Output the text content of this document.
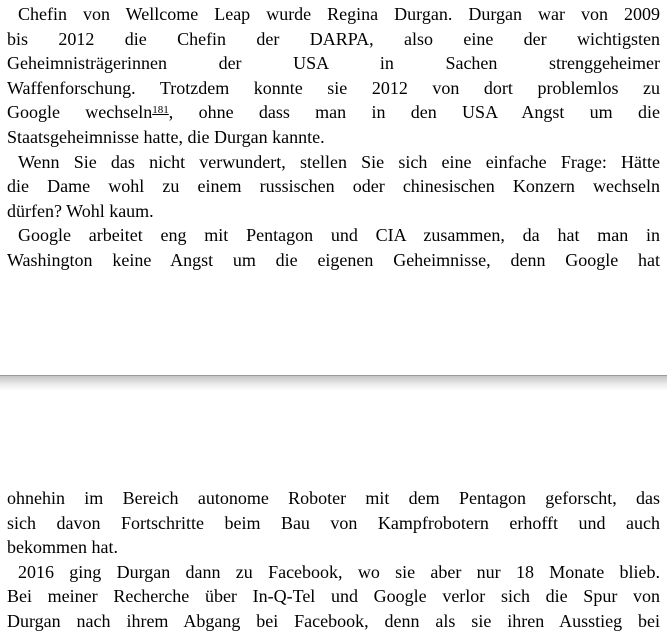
Chefin von Wellcome Leap wurde Regina Durgan. Durgan war von 2009
bis 2012 die Chefin der DARPA, also eine der wichtigsten
Geheimnisträgerinnen der USA in Sachen strenggeheimer
Waffenforschung. Trotzdem konnte sie 2012 von dort problemlos zu
Google wechseln$^{181}$, ohne dass man in den USA Angst um die
Staatsgeheimnisse hatte, die Durgan kannte.
Wenn Sie das nicht verwundert, stellen Sie sich eine einfache Frage: Hätte
die Dame wohl zu einem russischen oder chinesischen Konzern wechseln
dürfen? Wohl kaum.
Google arbeitet eng mit Pentagon und CIA zusammen, da hat man in
Washington keine Angst um die eigenen Geheimnisse, denn Google hat
ohnehin im Bereich autonome Roboter mit dem Pentagon geforscht, das
sich davon Fortschritte beim Bau von Kampfrobotern erhofft und auch
bekommen hat.
2016 ging Durgan dann zu Facebook, wo sie aber nur 18 Monate blieb.
Bei meiner Recherche über In-Q-Tel und Google verlor sich die Spur von
Durgan nach ihrem Abgang bei Facebook, denn als sie ihren Ausstieg bei
